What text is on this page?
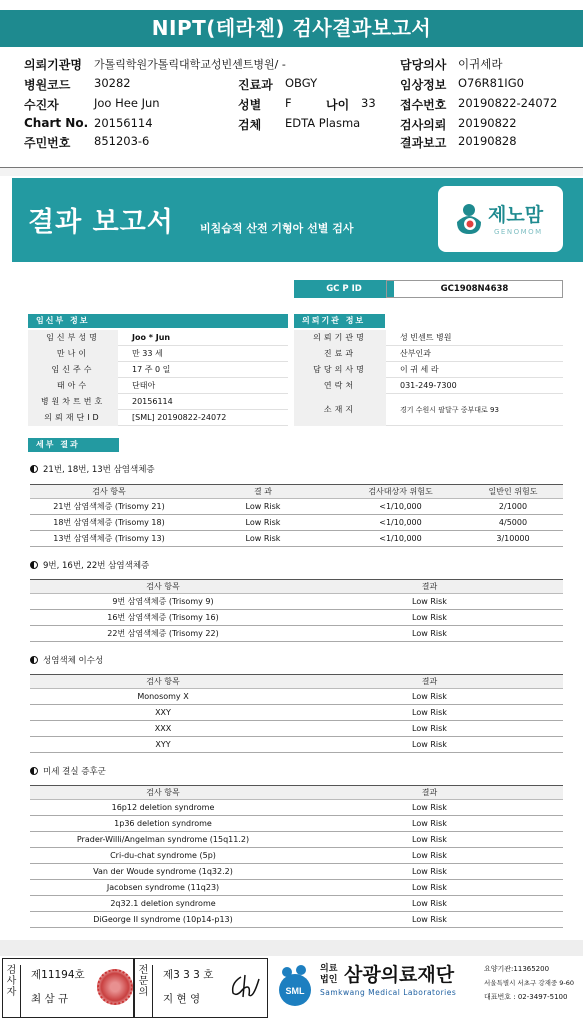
NIPT(테라젠) 검사결과보고서
의뢰기관명 가톨릭학원가톨릭대학교성빈센트병원/ -
병원코드 30282	진료과 OBGY
수진자	Joo Hee Jun	성별 F	나이 33
Chart No. 20156114	검체 EDTA Plasma
주민번호 851203-6
담당의사 이귀세라
임상정보 O76R81IG0
접수번호 20190822-24072
검사의뢰 20190822
결과보고 20190828
결과 보고서 비침습적 산전 기형아 선별 검사
제노맘
GENOMOM
GC P ID	GC1908N4638
임신부 정보	의뢰기관 정보
임신부성명	Joo * Jun
만나이	만 33 세
임신주수	17 주 0 일
태아수	단태아
병원차트번호	20156114
의뢰재단ID	[SML] 20190822-24072
의뢰기관명	성 빈센트 병원
진료과	산부인과
담당의사명	이 귀 세 라
연락처	031-249-7300
소재지	경기 수원시 팔달구 중부대로 93
세부 결과
21번, 18번, 13번 삼염색체증
검사 항목	결 과	검사대상자 위험도	일반인 위험도
21번 삼염색체증 (Trisomy 21)	Low Risk	<1/10,000	2/1000
18번 삼염색체증 (Trisomy 18)	Low Risk	<1/10,000	4/5000
13번 삼염색체증 (Trisomy 13)	Low Risk	<1/10,000	3/10000
9번, 16번, 22번 삼염색체증
검사 항목	결과
9번 삼염색체증 (Trisomy 9)	Low Risk
16번 삼염색체증 (Trisomy 16)	Low Risk
22번 삼염색체증 (Trisomy 22)	Low Risk
성염색체 이수성
검사 항목	결과
Monosomy X	Low Risk
XXY	Low Risk
XXX	Low Risk
XYY	Low Risk
미세 결실 증후군
검사 항목	결과
16p12 deletion syndrome	Low Risk
1p36 deletion syndrome	Low Risk
Prader-Willi/Angelman syndrome (15q11.2)	Low Risk
Cri-du-chat syndrome (5p)	Low Risk
Van der Woude syndrome (1q32.2)	Low Risk
Jacobsen syndrome (11q23)	Low Risk
2q32.1 deletion syndrome	Low Risk
DiGeorge II syndrome (10p14-p13)	Low Risk
검사자
제11194호
최 삼 규
전문의
제3 3 3 호
지 현 영
SML
의료법인 삼광의료재단
Samkwang Medical Laboratories
요양기관:11365200
서울특별시 서초구 강재중 9-60
대표번호 : 02-3497-5100
